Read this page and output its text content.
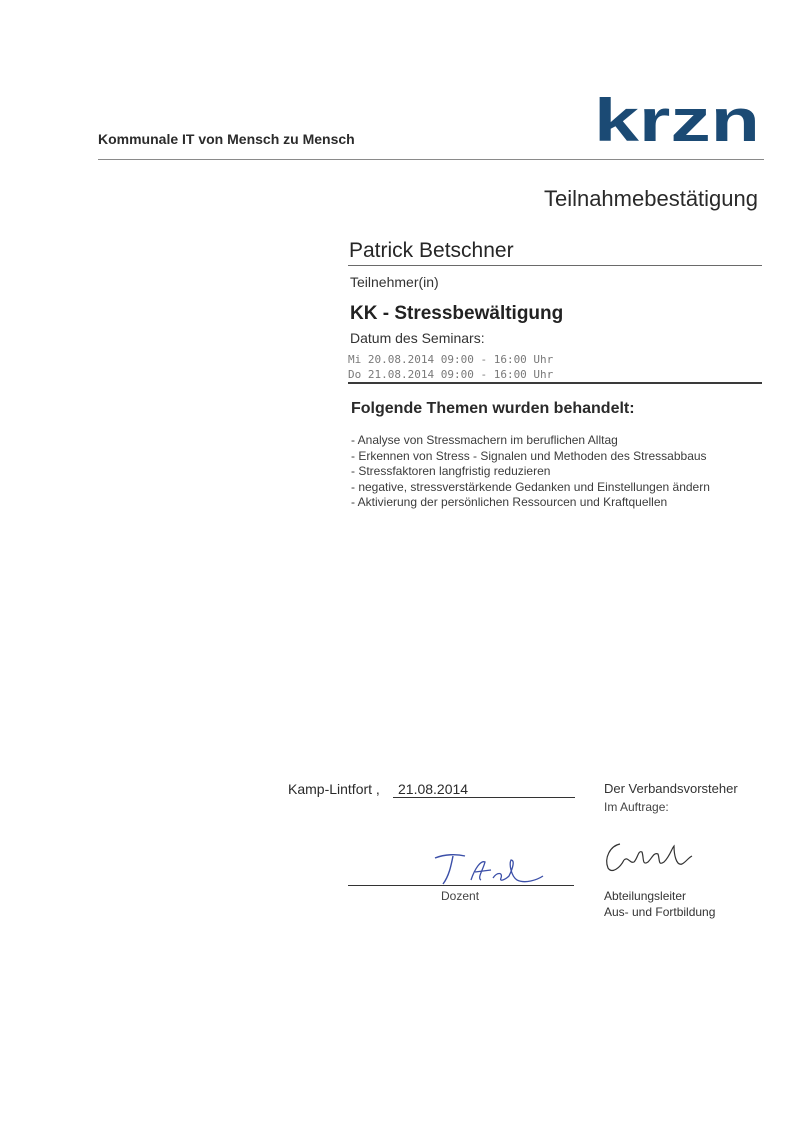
Kommunale IT von Mensch zu Mensch	krzn
Teilnahmebestätigung
Patrick Betschner
Teilnehmer(in)
KK - Stressbewältigung
Datum des Seminars:
Mi 20.08.2014 09:00 - 16:00 Uhr
Do 21.08.2014 09:00 - 16:00 Uhr
Folgende Themen wurden behandelt:
- Analyse von Stressmachern im beruflichen Alltag
- Erkennen von Stress - Signalen und Methoden des Stressabbaus
- Stressfaktoren langfristig reduzieren
- negative, stressverstärkende Gedanken und Einstellungen ändern
- Aktivierung der persönlichen Ressourcen und Kraftquellen
Kamp-Lintfort , 21.08.2014	Der Verbandsvorsteher
Im Auftrage:
Dozent	Abteilungsleiter
Aus- und Fortbildung
